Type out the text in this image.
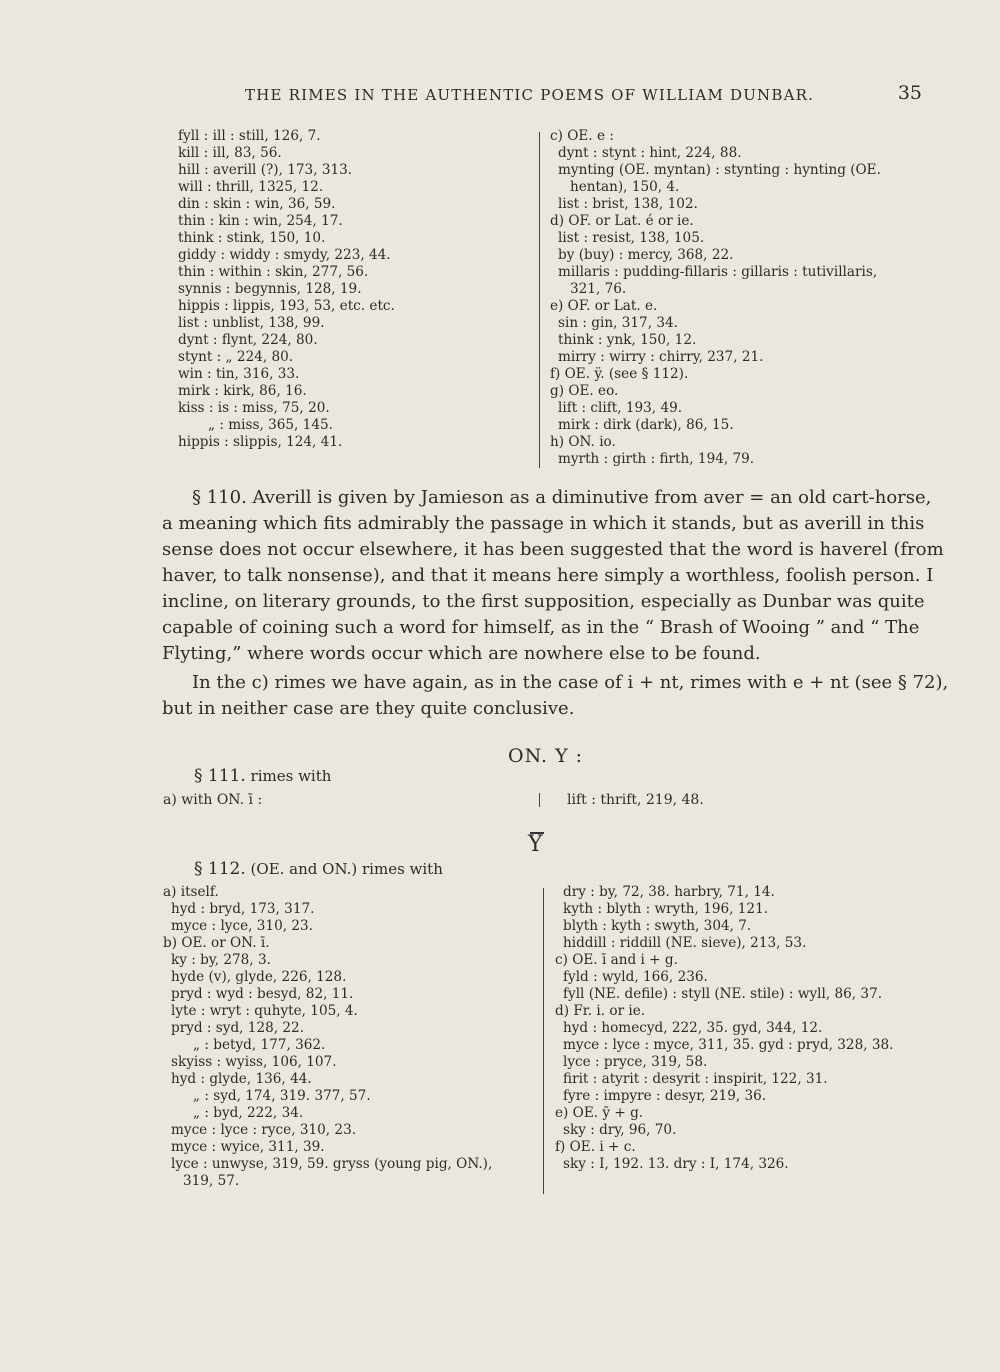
THE RIMES IN THE AUTHENTIC POEMS OF WILLIAM DUNBAR.	35
fyll : ill : still, 126, 7.
kill : ill, 83, 56.
hill : averill (?), 173, 313.
will : thrill, 1325, 12.
din : skin : win, 36, 59.
thin : kin : win, 254, 17.
think : stink, 150, 10.
giddy : widdy : smydy, 223, 44.
thin : within : skin, 277, 56.
synnis : begynnis, 128, 19.
hippis : lippis, 193, 53, etc. etc.
list : unblist, 138, 99.
dynt : flynt, 224, 80.
stynt : „ 224, 80.
win : tin, 316, 33.
mirk : kirk, 86, 16.
kiss : is : miss, 75, 20.
„ : miss, 365, 145.
hippis : slippis, 124, 41.
c) OE. e :
dynt : stynt : hint, 224, 88.
mynting (OE. myntan) : stynting : hynting (OE.
hentan), 150, 4.
list : brist, 138, 102.
d) OF. or Lat. é or ie.
list : resist, 138, 105.
by (buy) : mercy, 368, 22.
millaris : pudding-fillaris : gillaris : tutivillaris,
321, 76.
e) OF. or Lat. e.
sin : gin, 317, 34.
think : ynk, 150, 12.
mirry : wirry : chirry, 237, 21.
f) OE. ÿ. (see § 112).
g) OE. eo.
lift : clift, 193, 49.
mirk : dirk (dark), 86, 15.
h) ON. io.
myrth : girth : firth, 194, 79.

§ 110. Averill is given by Jamieson as a diminutive from aver = an old cart-horse,
a meaning which fits admirably the passage in which it stands, but as averill in this
sense does not occur elsewhere, it has been suggested that the word is haverel (from
haver, to talk nonsense), and that it means here simply a worthless, foolish person. I
incline, on literary grounds, to the first supposition, especially as Dunbar was quite
capable of coining such a word for himself, as in the “ Brash of Wooing ” and “ The
Flyting,” where words occur which are nowhere else to be found.

In the c) rimes we have again, as in the case of i + nt, rimes with e + nt (see § 72),
but in neither case are they quite conclusive.

ON. Y :
§ 111. rimes with
a) with ON. ī :	lift : thrift, 219, 48.
Y
§ 112. (OE. and ON.) rimes with
a) itself.
hyd : bryd, 173, 317.
myce : lyce, 310, 23.
b) OE. or ON. ī.
ky : by, 278, 3.
hyde (v), glyde, 226, 128.
pryd : wyd : besyd, 82, 11.
lyte : wryt : quhyte, 105, 4.
pryd : syd, 128, 22.
„ : betyd, 177, 362.
skyiss : wyiss, 106, 107.
hyd : glyde, 136, 44.
„ : syd, 174, 319. 377, 57.
„ : byd, 222, 34.
myce : lyce : ryce, 310, 23.
myce : wyice, 311, 39.
lyce : unwyse, 319, 59. gryss (young pig, ON.),
319, 57.
dry : by, 72, 38. harbry, 71, 14.
kyth : blyth : wryth, 196, 121.
blyth : kyth : swyth, 304, 7.
hiddill : riddill (NE. sieve), 213, 53.
c) OE. ī and i + g.
fyld : wyld, 166, 236.
fyll (NE. defile) : styll (NE. stile) : wyll, 86, 37.
d) Fr. i. or ie.
hyd : homecyd, 222, 35. gyd, 344, 12.
myce : lyce : myce, 311, 35. gyd : pryd, 328, 38.
lyce : pryce, 319, 58.
firit : atyrit : desyrit : inspirit, 122, 31.
fyre : impyre : desyr, 219, 36.
e) OE. ȳ + g.
sky : dry, 96, 70.
f) OE. i + c.
sky : I, 192. 13. dry : I, 174, 326.
